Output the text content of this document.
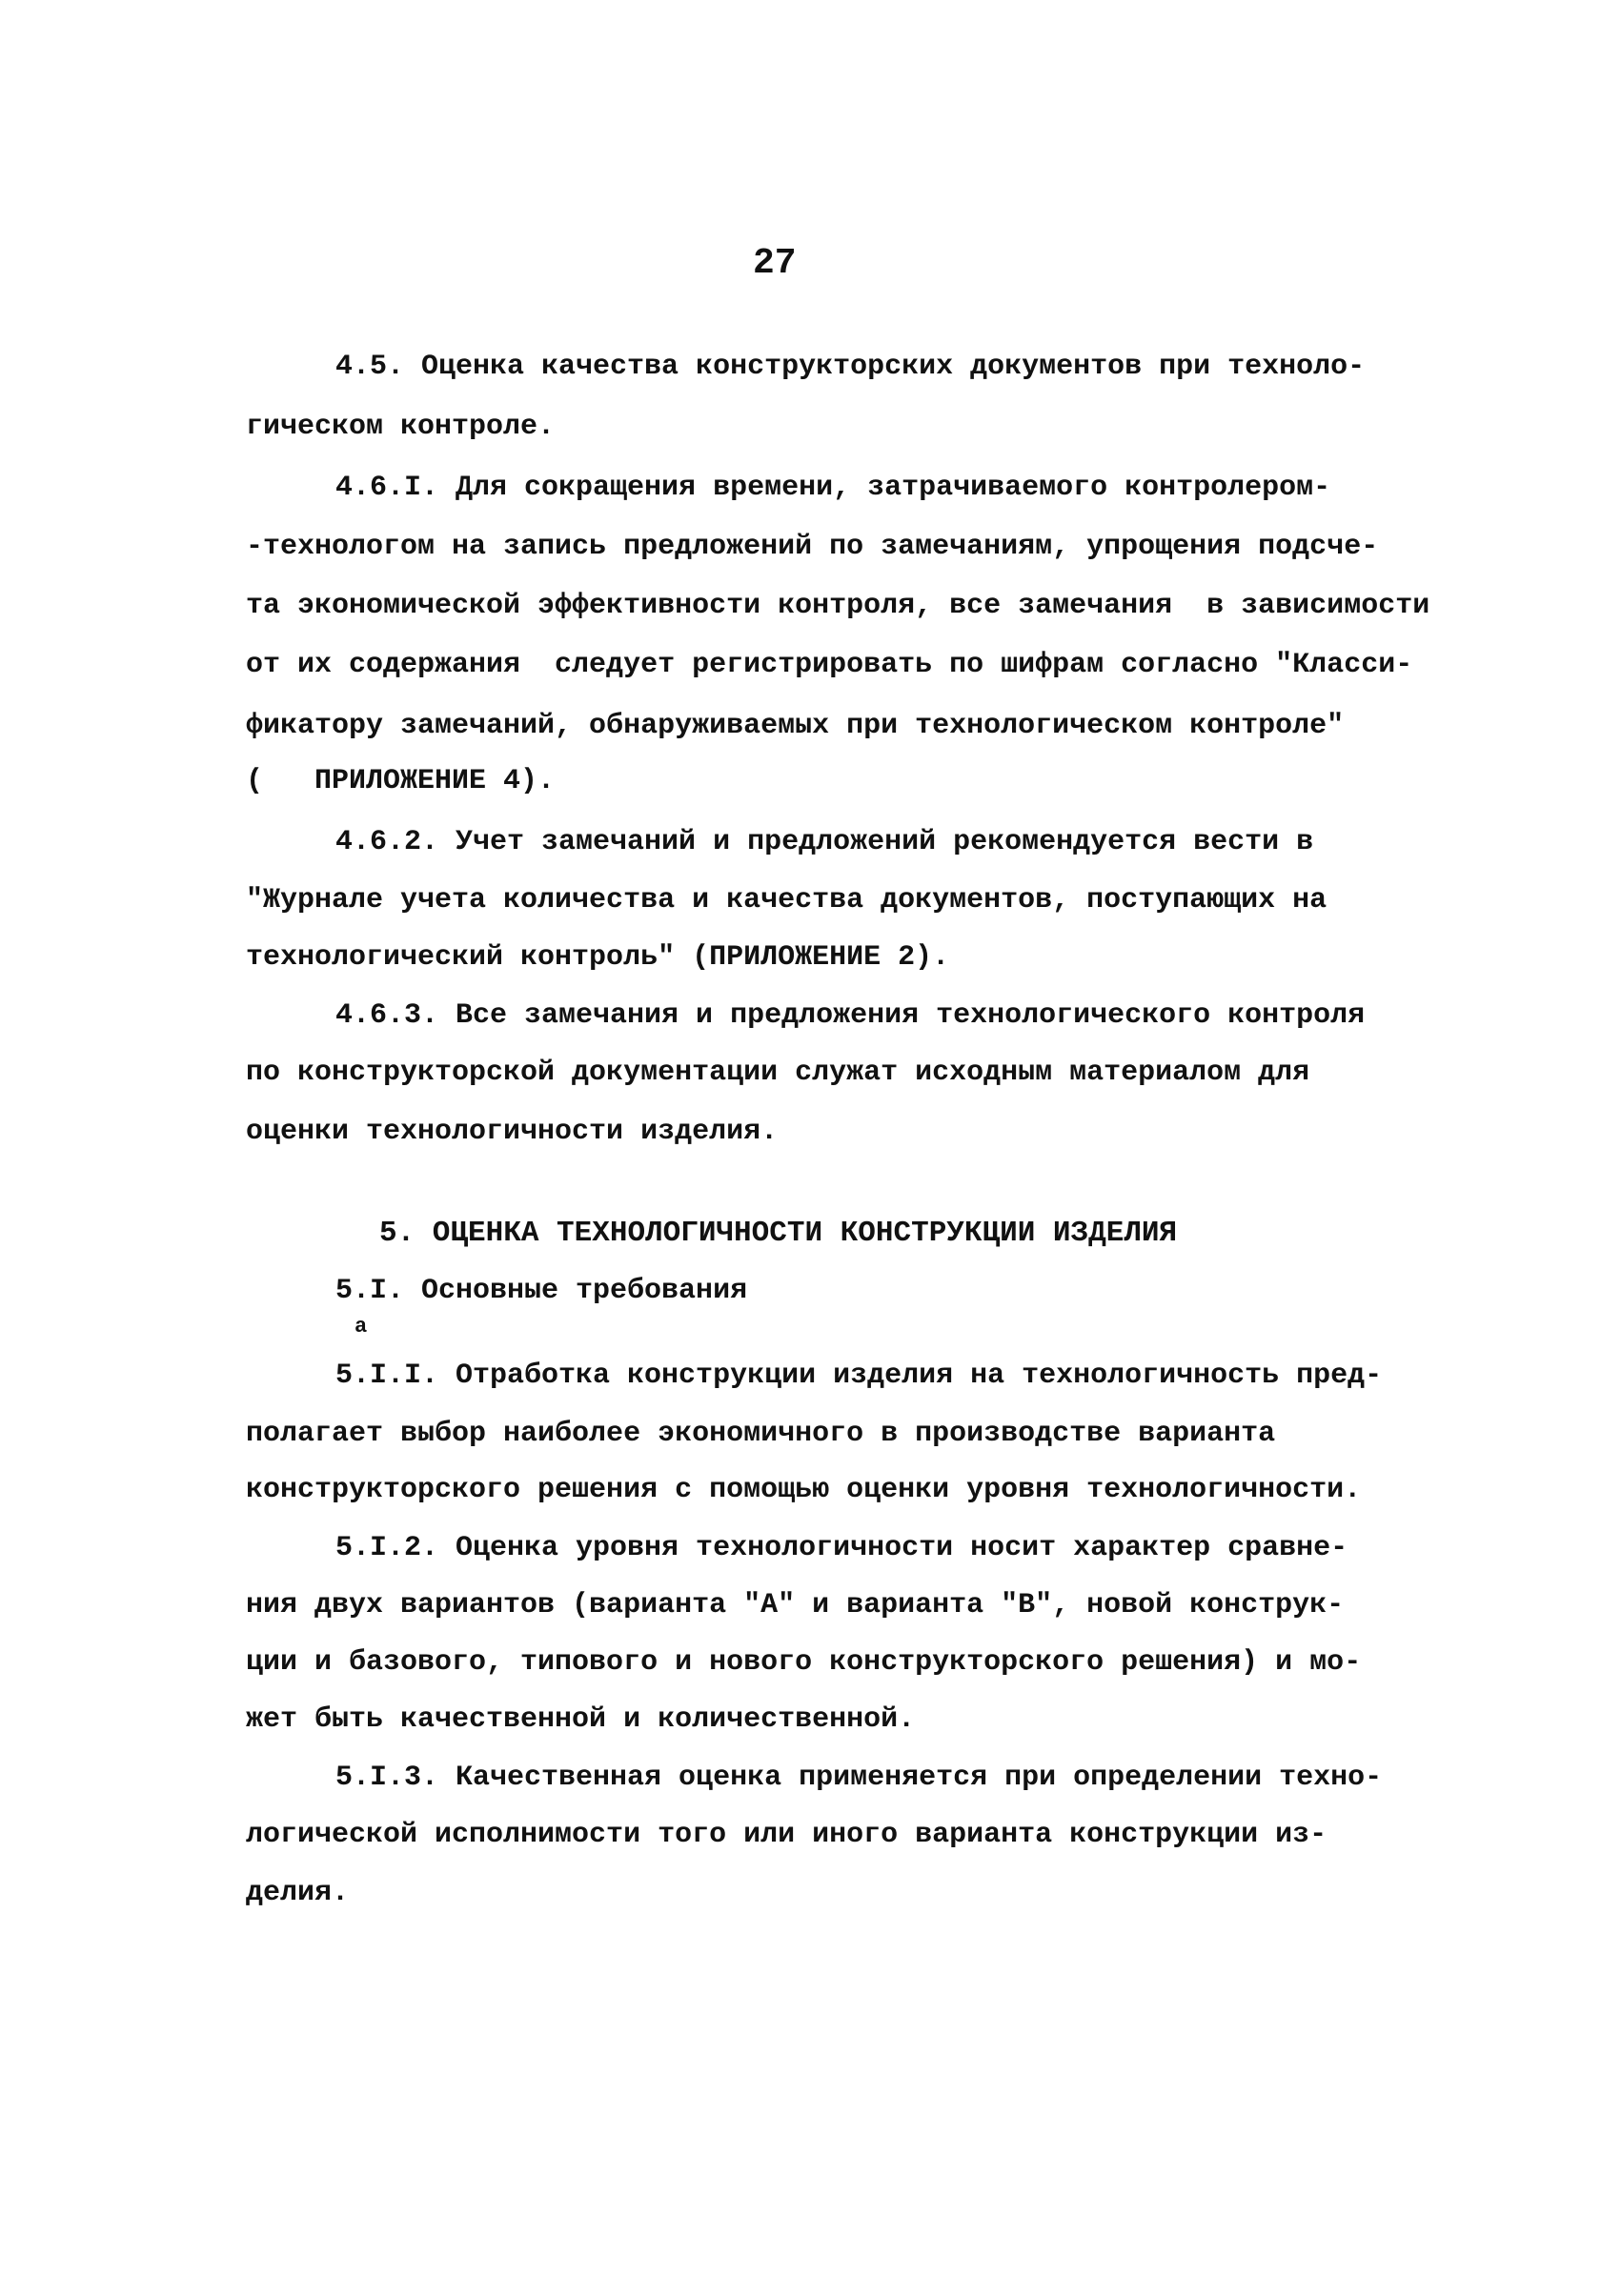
27
4.5. Оценка качества конструкторских документов при техноло-
гическом контроле.
4.6.I. Для сокращения времени, затрачиваемого контролером-
-технологом на запись предложений по замечаниям, упрощения подсче-
та экономической эффективности контроля, все замечания  в зависимости
от их содержания  следует регистрировать по шифрам согласно "Класси-
фикатору замечаний, обнаруживаемых при технологическом контроле"
(   ПРИЛОЖЕНИЕ 4).
4.6.2. Учет замечаний и предложений рекомендуется вести в
"Журнале учета количества и качества документов, поступающих на
технологический контроль" (ПРИЛОЖЕНИЕ 2).
4.6.3. Все замечания и предложения технологического контроля
по конструкторской документации служат исходным материалом для
оценки технологичности изделия.
5. ОЦЕНКА ТЕХНОЛОГИЧНОСТИ КОНСТРУКЦИИ ИЗДЕЛИЯ
5.I. Основные требования
а
5.I.I. Отработка конструкции изделия на технологичность пред-
полагает выбор наиболее экономичного в производстве варианта
конструкторского решения с помощью оценки уровня технологичности.
5.I.2. Оценка уровня технологичности носит характер сравне-
ния двух вариантов (варианта "А" и варианта "В", новой конструк-
ции и базового, типового и нового конструкторского решения) и мо-
жет быть качественной и количественной.
5.I.3. Качественная оценка применяется при определении техно-
логической исполнимости того или иного варианта конструкции из-
делия.
